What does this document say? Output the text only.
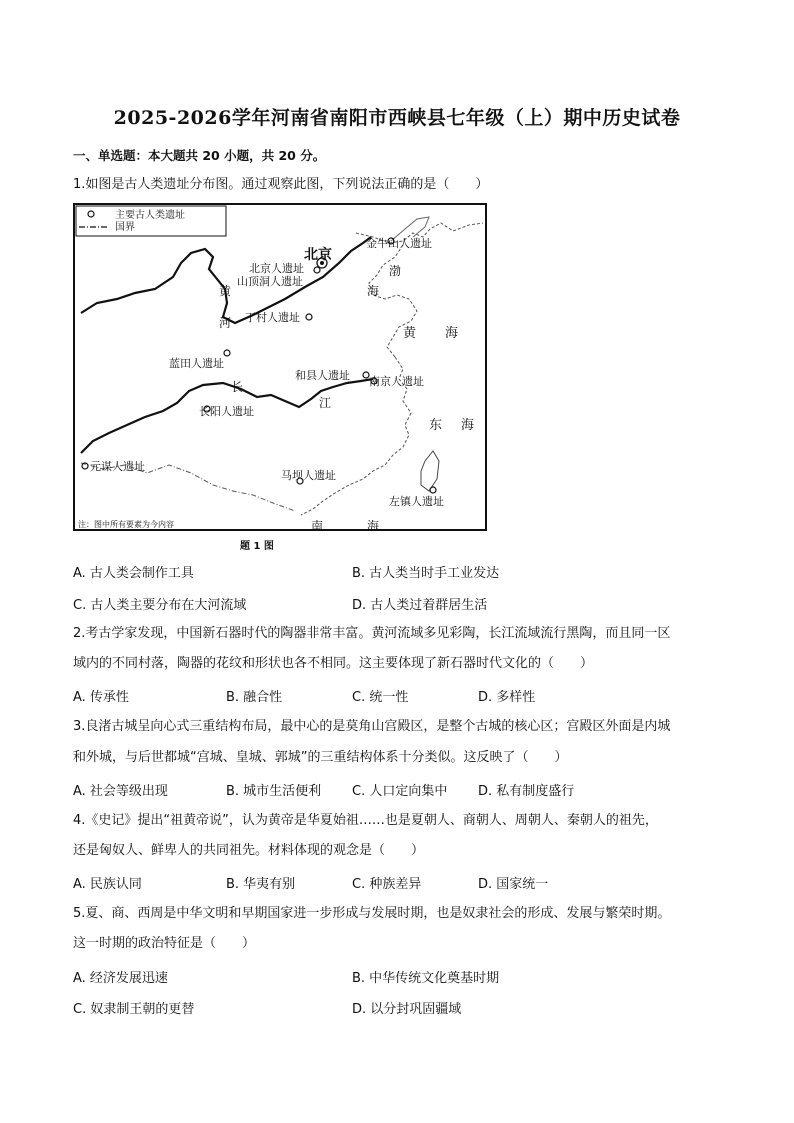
2025-2026学年河南省南阳市西峡县七年级（上）期中历史试卷
一、单选题：本大题共 20 小题，共 20 分。
1.如图是古人类遗址分布图。通过观察此图，下列说法正确的是（　　）
主要古人类遗址
国界
北京
金牛山人遗址
北京人遗址
山顶洞人遗址
丁村人遗址
蓝田人遗址
和县人遗址 南京人遗址
长阳人遗址
元谋人遗址
马坝人遗址
左镇人遗址
黄
河
渤
海
黄 海
长
江
东 海
南	海
注：图中所有要素为今内容
题 1 图
A. 古人类会制作工具	B. 古人类当时手工业发达
C. 古人类主要分布在大河流域	D. 古人类过着群居生活
2.考古学家发现，中国新石器时代的陶器非常丰富。黄河流域多见彩陶，长江流域流行黑陶，而且同一区
域内的不同村落，陶器的花纹和形状也各不相同。这主要体现了新石器时代文化的（　　）
A. 传承性	B. 融合性	C. 统一性	D. 多样性
3.良渚古城呈向心式三重结构布局，最中心的是莫角山宫殿区，是整个古城的核心区；宫殿区外面是内城
和外城，与后世都城“宫城、皇城、郭城”的三重结构体系十分类似。这反映了（　　）
A. 社会等级出现	B. 城市生活便利 C. 人口定向集中 D. 私有制度盛行
4.《史记》提出“祖黄帝说”，认为黄帝是华夏始祖……也是夏朝人、商朝人、周朝人、秦朝人的祖先，
还是匈奴人、鲜卑人的共同祖先。材料体现的观念是（　　）
A. 民族认同	B. 华夷有别	C. 种族差异	D. 国家统一
5.夏、商、西周是中华文明和早期国家进一步形成与发展时期，也是奴隶社会的形成、发展与繁荣时期。
这一时期的政治特征是（　　）
A. 经济发展迅速	B. 中华传统文化奠基时期
C. 奴隶制王朝的更替	D. 以分封巩固疆域
